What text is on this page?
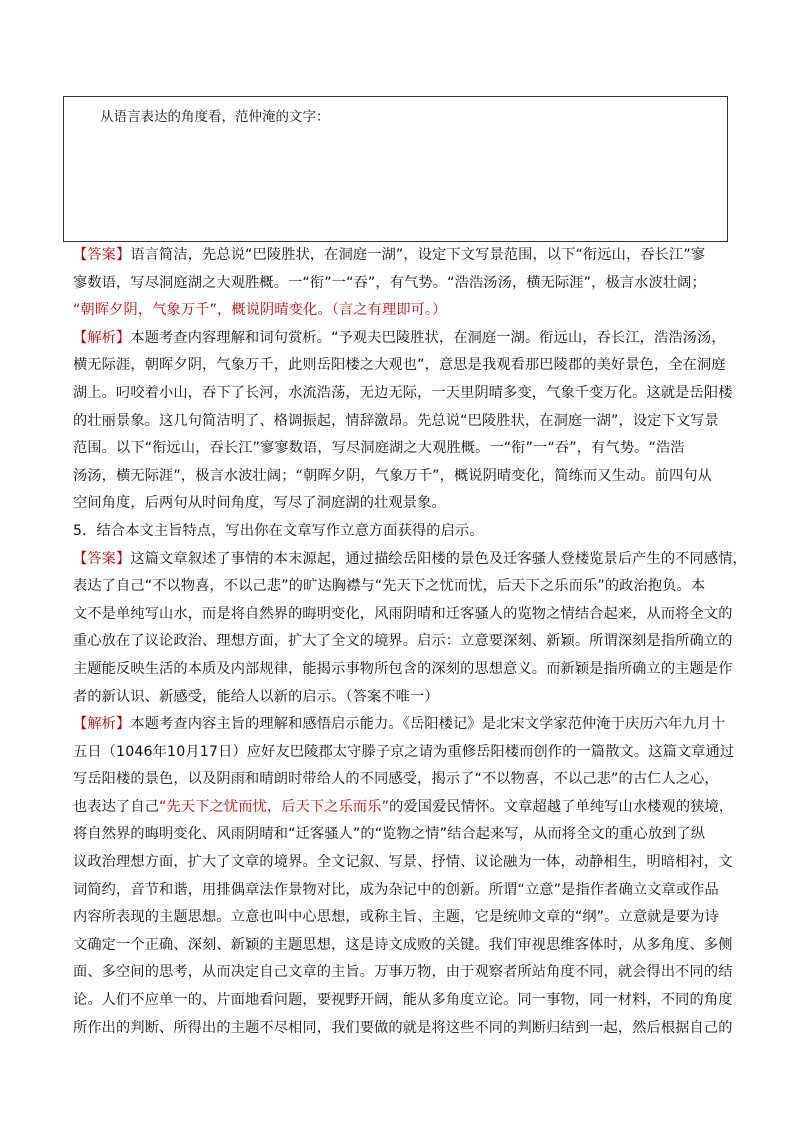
从语言表达的角度看，范仲淹的文字：
【答案】语言简洁，先总说“巴陵胜状，在洞庭一湖”，设定下文写景范围，以下“衔远山，吞长江”寥
寥数语，写尽洞庭湖之大观胜概。一“衔”一“吞”，有气势。“浩浩汤汤，横无际涯”，极言水波壮阔；
“朝晖夕阴，气象万千”，概说阴晴变化。（言之有理即可。）
【解析】本题考查内容理解和词句赏析。“予观夫巴陵胜状，在洞庭一湖。衔远山，吞长江，浩浩汤汤，
横无际涯，朝晖夕阴，气象万千，此则岳阳楼之大观也”，意思是我观看那巴陵郡的美好景色，全在洞庭
湖上。叼咬着小山，吞下了长河，水流浩荡，无边无际，一天里阴晴多变，气象千变万化。这就是岳阳楼
的壮丽景象。这几句简洁明了、格调振起，情辞激昂。先总说“巴陵胜状，在洞庭一湖”，设定下文写景
范围。以下“衔远山，吞长江”寥寥数语，写尽洞庭湖之大观胜概。一“衔”一“吞”，有气势。“浩浩
汤汤，横无际涯”，极言水波壮阔；“朝晖夕阴，气象万千”，概说阴晴变化，简练而又生动。前四句从
空间角度，后两句从时间角度，写尽了洞庭湖的壮观景象。
5．结合本文主旨特点，写出你在文章写作立意方面获得的启示。
【答案】这篇文章叙述了事情的本末源起，通过描绘岳阳楼的景色及迁客骚人登楼览景后产生的不同感情，
表达了自己“不以物喜，不以己悲”的旷达胸襟与“先天下之忧而忧，后天下之乐而乐”的政治抱负。本
文不是单纯写山水，而是将自然界的晦明变化，风雨阴晴和迁客骚人的览物之情结合起来，从而将全文的
重心放在了议论政治、理想方面，扩大了全文的境界。启示：立意要深刻、新颖。所谓深刻是指所确立的
主题能反映生活的本质及内部规律，能揭示事物所包含的深刻的思想意义。而新颖是指所确立的主题是作
者的新认识、新感受，能给人以新的启示。（答案不唯一）
【解析】本题考查内容主旨的理解和感悟启示能力。《岳阳楼记》是北宋文学家范仲淹于庆历六年九月十
五日（1046年10月17日）应好友巴陵郡太守滕子京之请为重修岳阳楼而创作的一篇散文。这篇文章通过
写岳阳楼的景色，以及阴雨和晴朗时带给人的不同感受，揭示了“不以物喜，不以己悲”的古仁人之心，
也表达了自己“先天下之忧而忧，后天下之乐而乐”的爱国爱民情怀。文章超越了单纯写山水楼观的狭境，
将自然界的晦明变化、风雨阴晴和“迁客骚人”的“览物之情”结合起来写，从而将全文的重心放到了纵
议政治理想方面，扩大了文章的境界。全文记叙、写景、抒情、议论融为一体，动静相生，明暗相衬，文
词简约，音节和谐，用排偶章法作景物对比，成为杂记中的创新。所谓“立意”是指作者确立文章或作品
内容所表现的主题思想。立意也叫中心思想，或称主旨、主题，它是统帅文章的“纲”。立意就是要为诗
文确定一个正确、深刻、新颖的主题思想，这是诗文成败的关键。我们审视思维客体时，从多角度、多侧
面、多空间的思考，从而决定自己文章的主旨。万事万物，由于观察者所站角度不同，就会得出不同的结
论。人们不应单一的、片面地看问题，要视野开阔，能从多角度立论。同一事物，同一材料，不同的角度
所作出的判断、所得出的主题不尽相同，我们要做的就是将这些不同的判断归结到一起，然后根据自己的
